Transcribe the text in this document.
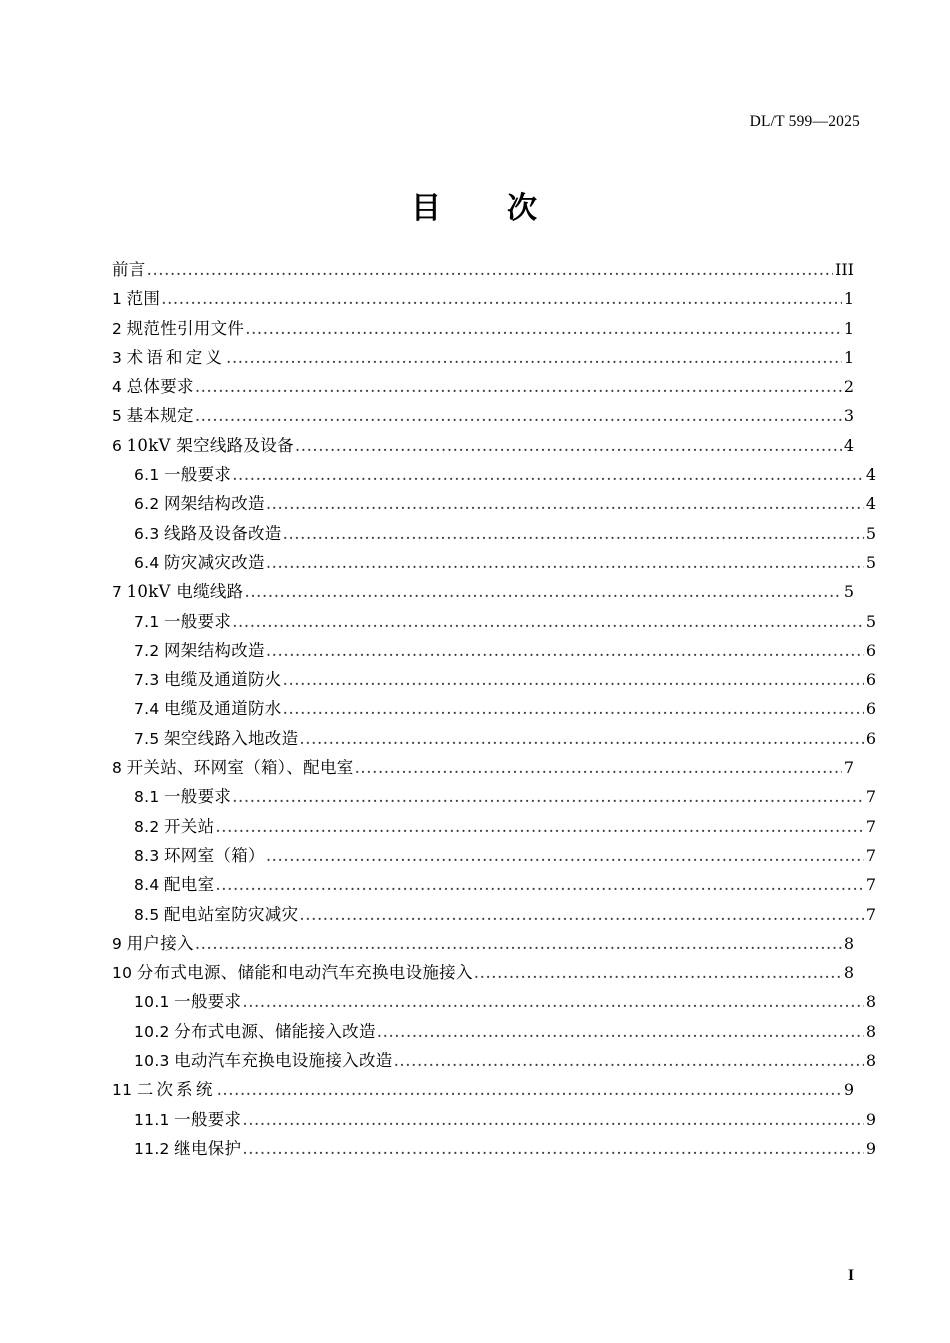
DL/T 599—2025
目　　次
前言 .....	III
1 范围 .....	1
2 规范性引用文件 .....	1
3 术语和定义 .....	1
4 总体要求 .....	2
5 基本规定 .....	3
6 10kV 架空线路及设备 .....	4
6.1 一般要求 .....	4
6.2 网架结构改造 .....	4
6.3 线路及设备改造 .....	5
6.4 防灾减灾改造 .....	5
7 10kV 电缆线路 .....	5
7.1 一般要求 .....	5
7.2 网架结构改造 .....	6
7.3 电缆及通道防火 .....	6
7.4 电缆及通道防水 .....	6
7.5 架空线路入地改造 .....	6
8 开关站、环网室（箱）、配电室 .....	7
8.1 一般要求 .....	7
8.2 开关站 .....	7
8.3 环网室（箱） .....	7
8.4 配电室 .....	7
8.5 配电站室防灾减灾 .....	7
9 用户接入 .....	8
10 分布式电源、储能和电动汽车充换电设施接入 .....	8
10.1 一般要求 .....	8
10.2 分布式电源、储能接入改造 .....	8
10.3 电动汽车充换电设施接入改造 .....	8
11 二次系统 .....	9
11.1 一般要求 .....	9
11.2 继电保护 .....	9
I
